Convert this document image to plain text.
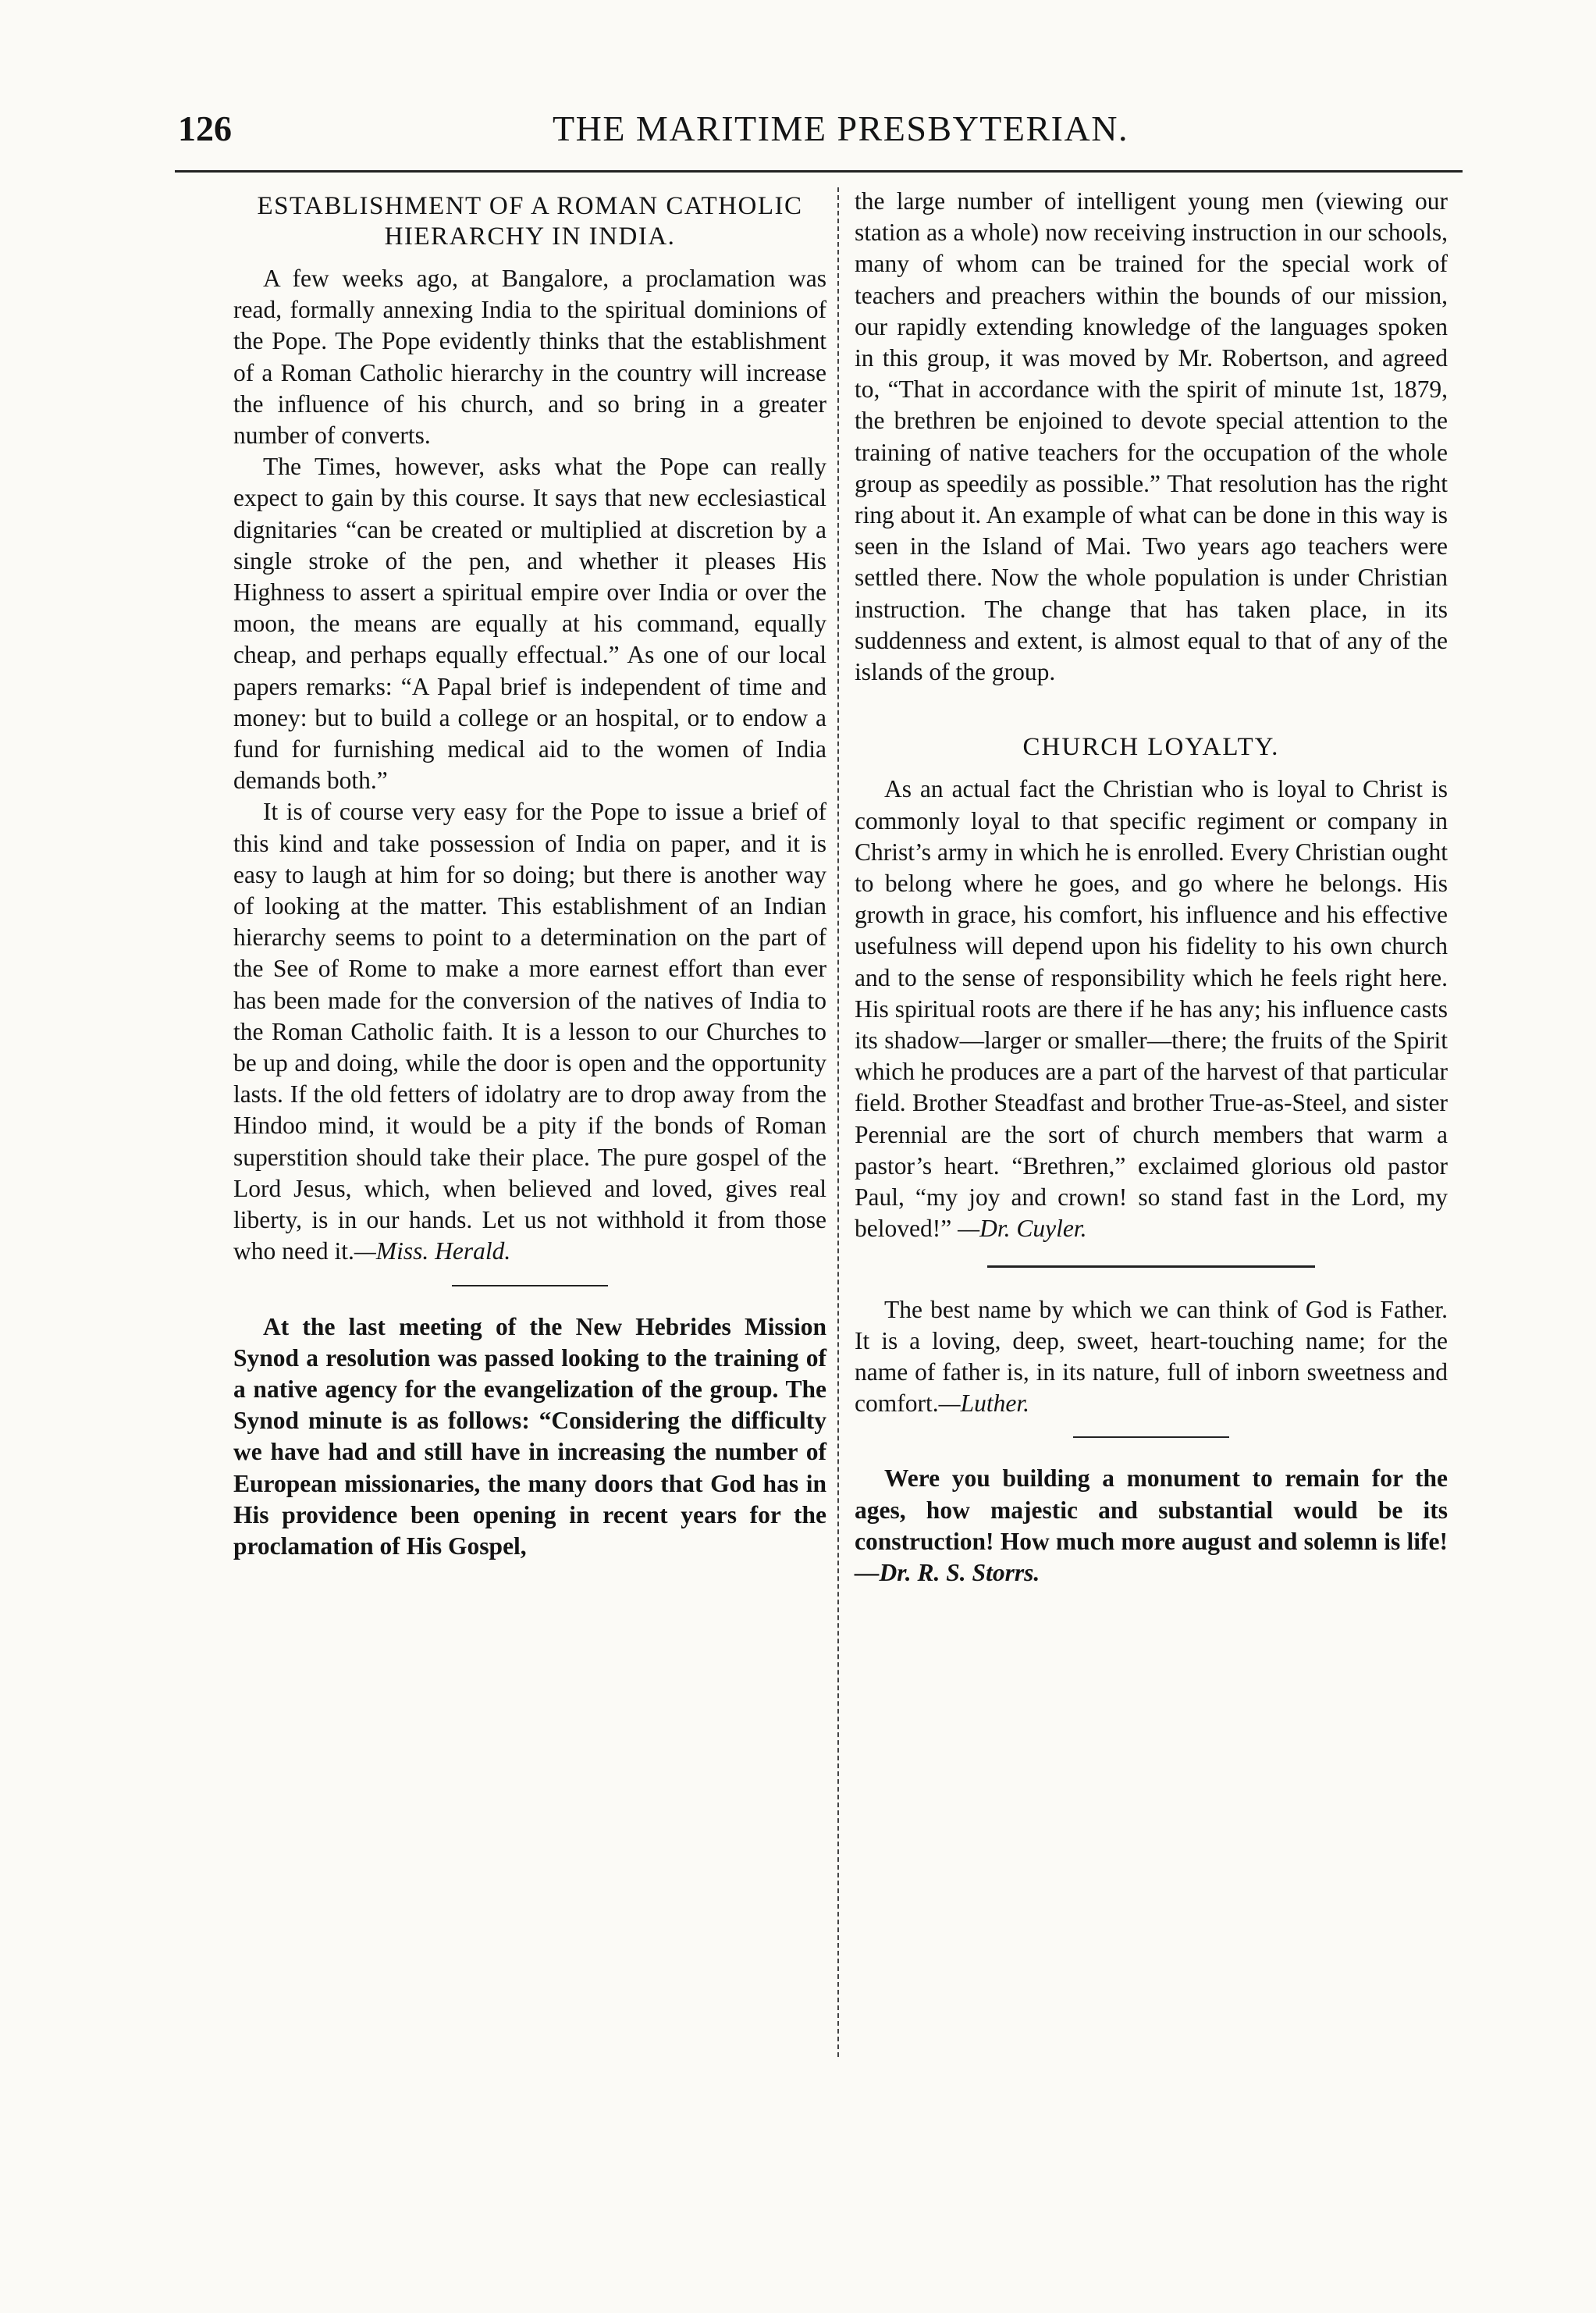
126	THE MARITIME PRESBYTERIAN.
ESTABLISHMENT OF A ROMAN CATHOLIC HIERARCHY IN INDIA.

A few weeks ago, at Bangalore, a proclamation was read, formally annexing India to the spiritual dominions of the Pope. The Pope evidently thinks that the establishment of a Roman Catholic hierarchy in the country will increase the influence of his church, and so bring in a greater number of converts.

The Times, however, asks what the Pope can really expect to gain by this course. It says that new ecclesiastical dignitaries “can be created or multiplied at discretion by a single stroke of the pen, and whether it pleases His Highness to assert a spiritual empire over India or over the moon, the means are equally at his command, equally cheap, and perhaps equally effectual.” As one of our local papers remarks: “A Papal brief is independent of time and money: but to build a college or an hospital, or to endow a fund for furnishing medical aid to the women of India demands both.”

It is of course very easy for the Pope to issue a brief of this kind and take possession of India on paper, and it is easy to laugh at him for so doing; but there is another way of looking at the matter. This establishment of an Indian hierarchy seems to point to a determination on the part of the See of Rome to make a more earnest effort than ever has been made for the conversion of the natives of India to the Roman Catholic faith. It is a lesson to our Churches to be up and doing, while the door is open and the opportunity lasts. If the old fetters of idolatry are to drop away from the Hindoo mind, it would be a pity if the bonds of Roman superstition should take their place. The pure gospel of the Lord Jesus, which, when believed and loved, gives real liberty, is in our hands. Let us not withhold it from those who need it.—Miss. Herald.

At the last meeting of the New Hebrides Mission Synod a resolution was passed looking to the training of a native agency for the evangelization of the group. The Synod minute is as follows: “Considering the difficulty we have had and still have in increasing the number of European missionaries, the many doors that God has in His providence been opening in recent years for the proclamation of His Gospel,

the large number of intelligent young men (viewing our station as a whole) now receiving instruction in our schools, many of whom can be trained for the special work of teachers and preachers within the bounds of our mission, our rapidly extending knowledge of the languages spoken in this group, it was moved by Mr. Robertson, and agreed to, “That in accordance with the spirit of minute 1st, 1879, the brethren be enjoined to devote special attention to the training of native teachers for the occupation of the whole group as speedily as possible.” That resolution has the right ring about it. An example of what can be done in this way is seen in the Island of Mai. Two years ago teachers were settled there. Now the whole population is under Christian instruction. The change that has taken place, in its suddenness and extent, is almost equal to that of any of the islands of the group.

CHURCH LOYALTY.

As an actual fact the Christian who is loyal to Christ is commonly loyal to that specific regiment or company in Christ’s army in which he is enrolled. Every Christian ought to belong where he goes, and go where he belongs. His growth in grace, his comfort, his influence and his effective usefulness will depend upon his fidelity to his own church and to the sense of responsibility which he feels right here. His spiritual roots are there if he has any; his influence casts its shadow—larger or smaller—there; the fruits of the Spirit which he produces are a part of the harvest of that particular field. Brother Steadfast and brother True-as-Steel, and sister Perennial are the sort of church members that warm a pastor’s heart. “Brethren,” exclaimed glorious old pastor Paul, “my joy and crown! so stand fast in the Lord, my beloved!” —Dr. Cuyler.

The best name by which we can think of God is Father. It is a loving, deep, sweet, heart-touching name; for the name of father is, in its nature, full of inborn sweetness and comfort.—Luther.

Were you building a monument to remain for the ages, how majestic and substantial would be its construction! How much more august and solemn is life!—Dr. R. S. Storrs.
